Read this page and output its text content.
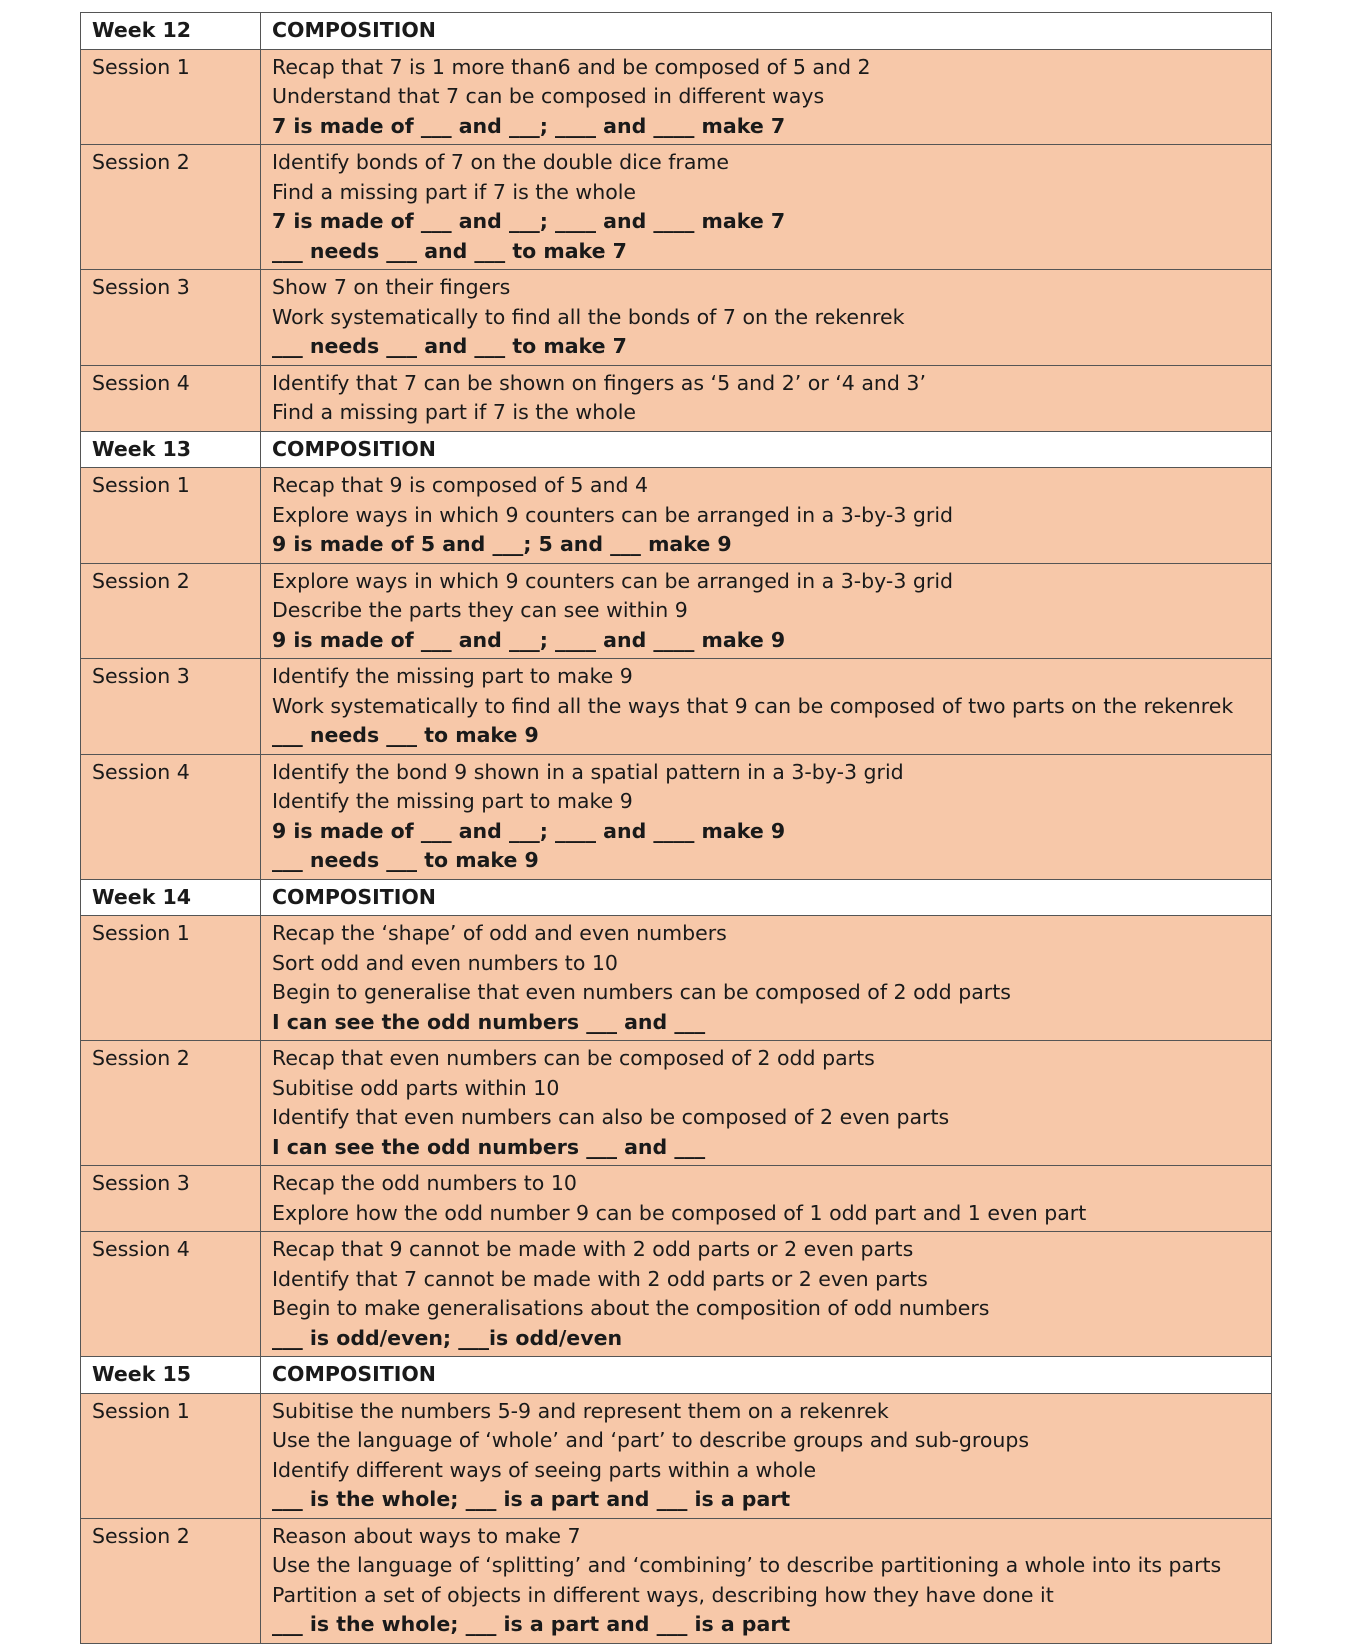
Week 12	COMPOSITION
Session 1	Recap that 7 is 1 more than6 and be composed of 5 and 2
Understand that 7 can be composed in different ways
7 is made of ___ and ___; ____ and ____ make 7

Session 2	Identify bonds of 7 on the double dice frame
Find a missing part if 7 is the whole
7 is made of ___ and ___; ____ and ____ make 7
___ needs ___ and ___ to make 7

Session 3	Show 7 on their fingers
Work systematically to find all the bonds of 7 on the rekenrek
___ needs ___ and ___ to make 7

Session 4	Identify that 7 can be shown on fingers as ‘5 and 2’ or ‘4 and 3’
Find a missing part if 7 is the whole

Week 13	COMPOSITION
Session 1	Recap that 9 is composed of 5 and 4
Explore ways in which 9 counters can be arranged in a 3-by-3 grid
9 is made of 5 and ___; 5 and ___ make 9

Session 2	Explore ways in which 9 counters can be arranged in a 3-by-3 grid
Describe the parts they can see within 9
9 is made of ___ and ___; ____ and ____ make 9

Session 3	Identify the missing part to make 9
Work systematically to find all the ways that 9 can be composed of two parts on the rekenrek
___ needs ___ to make 9

Session 4	Identify the bond 9 shown in a spatial pattern in a 3-by-3 grid
Identify the missing part to make 9
9 is made of ___ and ___; ____ and ____ make 9
___ needs ___ to make 9

Week 14	COMPOSITION
Session 1	Recap the ‘shape’ of odd and even numbers
Sort odd and even numbers to 10
Begin to generalise that even numbers can be composed of 2 odd parts
I can see the odd numbers ___ and ___

Session 2	Recap that even numbers can be composed of 2 odd parts
Subitise odd parts within 10
Identify that even numbers can also be composed of 2 even parts
I can see the odd numbers ___ and ___

Session 3	Recap the odd numbers to 10
Explore how the odd number 9 can be composed of 1 odd part and 1 even part

Session 4	Recap that 9 cannot be made with 2 odd parts or 2 even parts
Identify that 7 cannot be made with 2 odd parts or 2 even parts
Begin to make generalisations about the composition of odd numbers
___ is odd/even; ___is odd/even

Week 15	COMPOSITION
Session 1	Subitise the numbers 5-9 and represent them on a rekenrek
Use the language of ‘whole’ and ‘part’ to describe groups and sub-groups
Identify different ways of seeing parts within a whole
___ is the whole; ___ is a part and ___ is a part

Session 2	Reason about ways to make 7
Use the language of ‘splitting’ and ‘combining’ to describe partitioning a whole into its parts
Partition a set of objects in different ways, describing how they have done it
___ is the whole; ___ is a part and ___ is a part
